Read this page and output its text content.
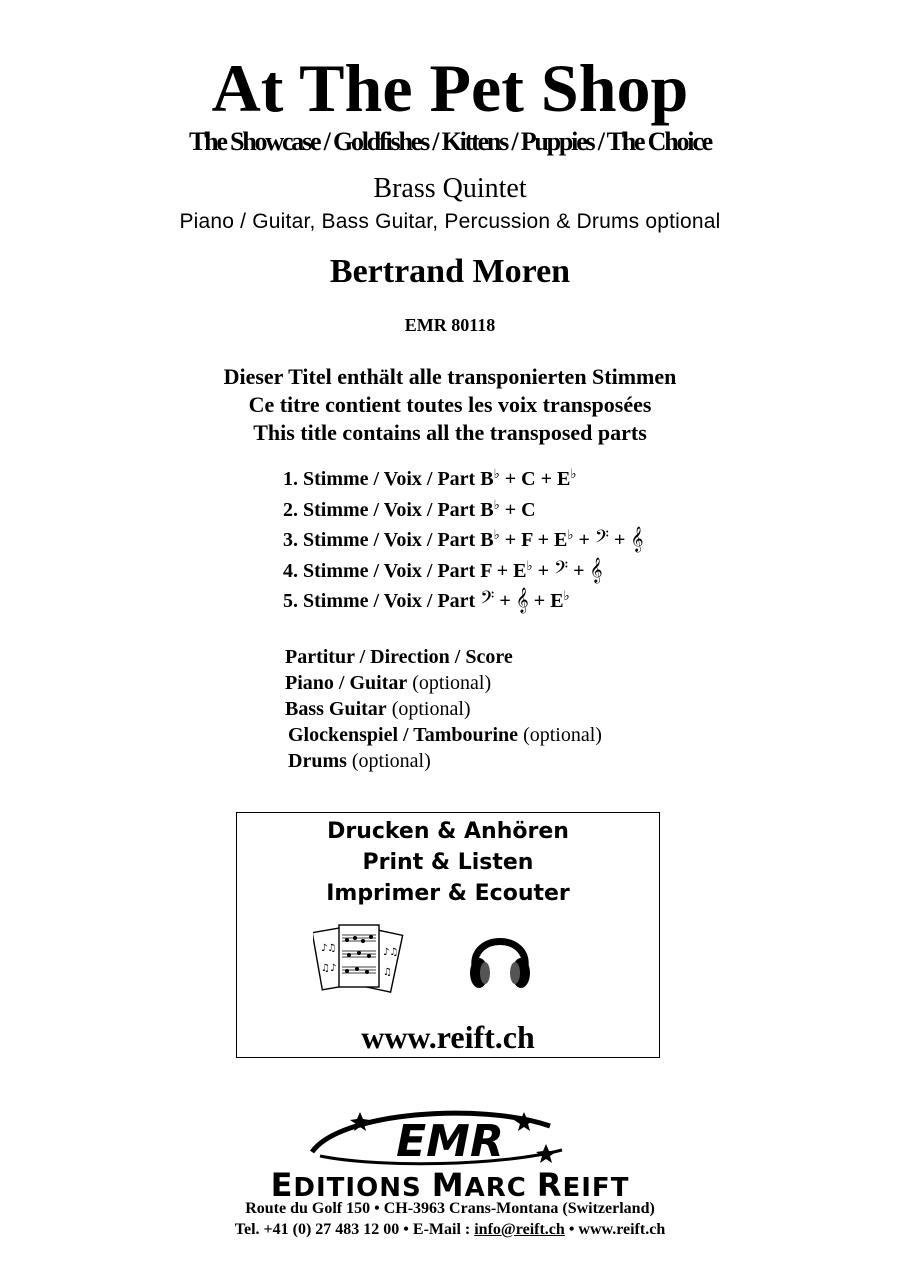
At The Pet Shop
The Showcase / Goldfishes / Kittens / Puppies / The Choice
Brass Quintet
Piano / Guitar, Bass Guitar, Percussion & Drums optional
Bertrand Moren
EMR 80118
Dieser Titel enthält alle transponierten Stimmen
Ce titre contient toutes les voix transposées
This title contains all the transposed parts
1. Stimme / Voix / Part B♭ + C + E♭
2. Stimme / Voix / Part B♭ + C
3. Stimme / Voix / Part B♭ + F + E♭ + 𝄢 + 𝄞
4. Stimme / Voix / Part F + E♭ + 𝄢 + 𝄞
5. Stimme / Voix / Part 𝄢 + 𝄞 + E♭
Partitur / Direction / Score
Piano / Guitar (optional)
Bass Guitar (optional)
Glockenspiel / Tambourine (optional)
Drums (optional)
Drucken & Anhören
Print & Listen
Imprimer & Ecouter
♪♫
♫♪
♪♫
♫
www.reift.ch
EMR
EDITIONS MARC REIFT
Route du Golf 150 • CH-3963 Crans-Montana (Switzerland)
Tel. +41 (0) 27 483 12 00 • E-Mail : info@reift.ch • www.reift.ch
